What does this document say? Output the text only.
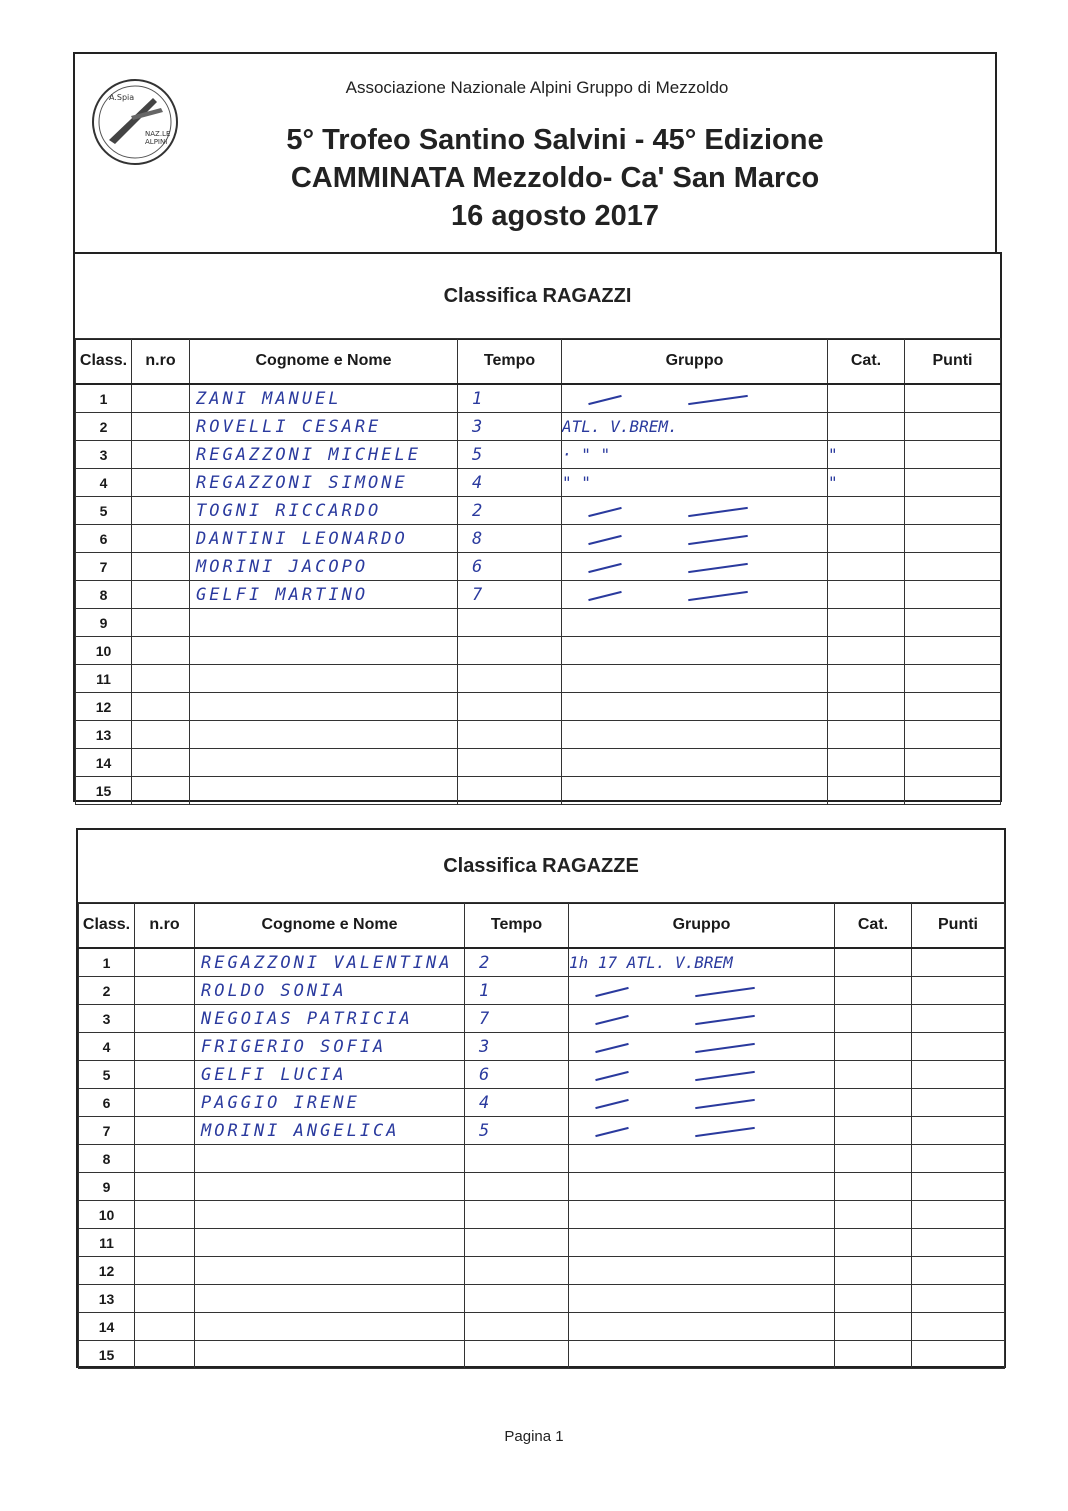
A.Spia
NAZ.LE
ALPINI
Associazione Nazionale Alpini Gruppo di Mezzoldo
5° Trofeo Santino Salvini - 45° Edizione
CAMMINATA Mezzoldo- Ca' San Marco
16 agosto 2017
Classifica RAGAZZI
Class.	n.ro	Cognome e Nome	Tempo	Gruppo	Cat.	Punti
1		ZANI MANUEL	1			
2		ROVELLI CESARE	3	ATL. V.BREM.		
3		REGAZZONI MICHELE	5	· " "	"	
4		REGAZZONI SIMONE	4	" "	"	
5		TOGNI RICCARDO	2			
6		DANTINI LEONARDO	8			
7		MORINI JACOPO	6			
8		GELFI MARTINO	7			
9						
10						
11						
12						
13						
14						
15						
Classifica RAGAZZE
Class.	n.ro	Cognome e Nome	Tempo	Gruppo	Cat.	Punti
1		REGAZZONI VALENTINA	2	1h 17 ATL. V.BREM		
2		ROLDO SONIA	1			
3		NEGOIAS PATRICIA	7			
4		FRIGERIO SOFIA	3			
5		GELFI LUCIA	6			
6		PAGGIO IRENE	4			
7		MORINI ANGELICA	5			
8						
9						
10						
11						
12						
13						
14						
15						
Pagina 1
